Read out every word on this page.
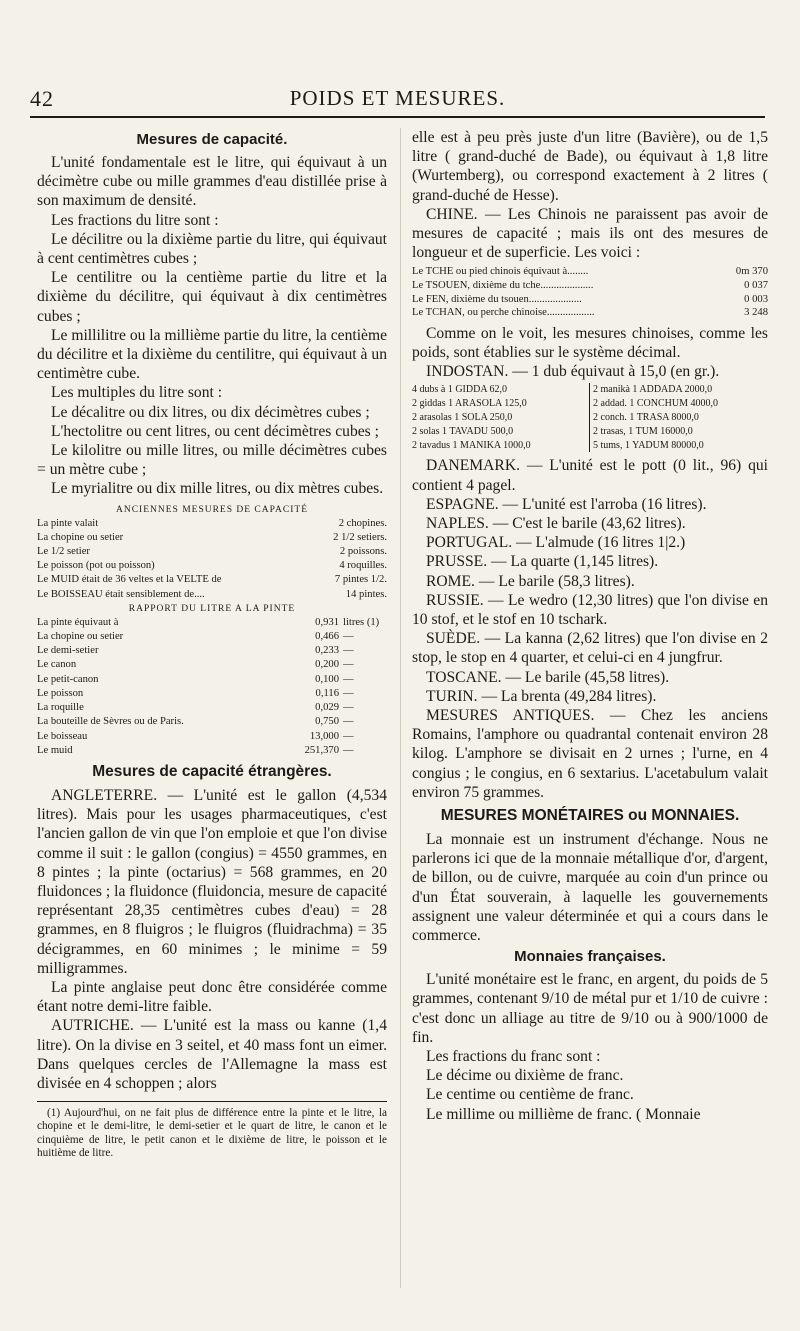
42	POIDS ET MESURES.
Mesures de capacité.

L'unité fondamentale est le litre, qui équivaut à un décimètre cube ou mille grammes d'eau distillée prise à son maximum de densité.

Les fractions du litre sont :

Le décilitre ou la dixième partie du litre, qui équivaut à cent centimètres cubes ;

Le centilitre ou la centième partie du litre et la dixième du décilitre, qui équivaut à dix centimètres cubes ;

Le millilitre ou la millième partie du litre, la centième du décilitre et la dixième du centilitre, qui équivaut à un centimètre cube.

Les multiples du litre sont :

Le décalitre ou dix litres, ou dix décimètres cubes ;

L'hectolitre ou cent litres, ou cent décimètres cubes ;

Le kilolitre ou mille litres, ou mille décimètres cubes = un mètre cube ;

Le myrialitre ou dix mille litres, ou dix mètres cubes.

ANCIENNES MESURES DE CAPACITÉ
La pinte valait	2 chopines.
La chopine ou setier	2 1/2 setiers.
Le 1/2 setier	2 poissons.
Le poisson (pot ou poisson)	4 roquilles.
Le MUID était de 36 veltes et la VELTE de	7 pintes 1/2.
Le BOISSEAU était sensiblement de....	14 pintes.
RAPPORT DU LITRE A LA PINTE
La pinte équivaut à	0,931 litres (1)
La chopine ou setier	0,466 —
Le demi-setier	0,233 —
Le canon	0,200 —
Le petit-canon	0,100 —
Le poisson	0,116 —
La roquille	0,029 —
La bouteille de Sèvres ou de Paris.	0,750 —
Le boisseau	13,000 —
Le muid	251,370 —
Mesures de capacité étrangères.

ANGLETERRE. — L'unité est le gallon (4,534 litres). Mais pour les usages pharmaceutiques, c'est l'ancien gallon de vin que l'on emploie et que l'on divise comme il suit : le gallon (congius) = 4550 grammes, en 8 pintes ; la pinte (octarius) = 568 grammes, en 20 fluidonces ; la fluidonce (fluidoncia, mesure de capacité représentant 28,35 centimètres cubes d'eau) = 28 grammes, en 8 fluigros ; le fluigros (fluidrachma) = 35 décigrammes, en 60 minimes ; le minime = 59 milligrammes.

La pinte anglaise peut donc être considérée comme étant notre demi-litre faible.

AUTRICHE. — L'unité est la mass ou kanne (1,4 litre). On la divise en 3 seitel, et 40 mass font un eimer. Dans quelques cercles de l'Allemagne la mass est divisée en 4 schoppen ; alors

(1) Aujourd'hui, on ne fait plus de différence entre la pinte et le litre, la chopine et le demi-litre, le demi-setier et le quart de litre, le canon et le cinquième de litre, le petit canon et le dixième de litre, le poisson et le huitième de litre.

elle est à peu près juste d'un litre (Bavière), ou de 1,5 litre ( grand-duché de Bade), ou équivaut à 1,8 litre (Wurtemberg), ou correspond exactement à 2 litres ( grand-duché de Hesse).

CHINE. — Les Chinois ne paraissent pas avoir de mesures de capacité ; mais ils ont des mesures de longueur et de superficie. Les voici :

Le TCHE ou pied chinois équivaut à........	0m 370
Le TSOUEN, dixième du tche....................	0 037
Le FEN, dixième du tsouen....................	0 003
Le TCHAN, ou perche chinoise..................	3 248

Comme on le voit, les mesures chinoises, comme les poids, sont établies sur le système décimal.

INDOSTAN. — 1 dub équivaut à 15,0 (en gr.).

4 dubs à 1 GIDDA 62,0
2 giddas 1 ARASOLA 125,0
2 arasolas 1 SOLA 250,0
2 solas 1 TAVADU 500,0
2 tavadus 1 MANIKA 1000,0
2 manikà 1 ADDADA 2000,0
2 addad. 1 CONCHUM 4000,0
2 conch. 1 TRASA 8000,0
2 trasas, 1 TUM 16000,0
5 tums, 1 YADUM 80000,0

DANEMARK. — L'unité est le pott (0 lit., 96) qui contient 4 pagel.

ESPAGNE. — L'unité est l'arroba (16 litres).

NAPLES. — C'est le barile (43,62 litres).

PORTUGAL. — L'almude (16 litres 1|2.)

PRUSSE. — La quarte (1,145 litres).

ROME. — Le barile (58,3 litres).

RUSSIE. — Le wedro (12,30 litres) que l'on divise en 10 stof, et le stof en 10 tschark.

SUÈDE. — La kanna (2,62 litres) que l'on divise en 2 stop, le stop en 4 quarter, et celui-ci en 4 jungfrur.

TOSCANE. — Le barile (45,58 litres).

TURIN. — La brenta (49,284 litres).

MESURES ANTIQUES. — Chez les anciens Romains, l'amphore ou quadrantal contenait environ 28 kilog. L'amphore se divisait en 2 urnes ; l'urne, en 4 congius ; le congius, en 6 sextarius. L'acetabulum valait environ 75 grammes.

MESURES MONÉTAIRES ou MONNAIES.

La monnaie est un instrument d'échange. Nous ne parlerons ici que de la monnaie métallique d'or, d'argent, de billon, ou de cuivre, marquée au coin d'un prince ou d'un État souverain, à laquelle les gouvernements assignent une valeur déterminée et qui a cours dans le commerce.

Monnaies françaises.

L'unité monétaire est le franc, en argent, du poids de 5 grammes, contenant 9/10 de métal pur et 1/10 de cuivre : c'est donc un alliage au titre de 9/10 ou à 900/1000 de fin.

Les fractions du franc sont :

Le décime ou dixième de franc.

Le centime ou centième de franc.

Le millime ou millième de franc. ( Monnaie
